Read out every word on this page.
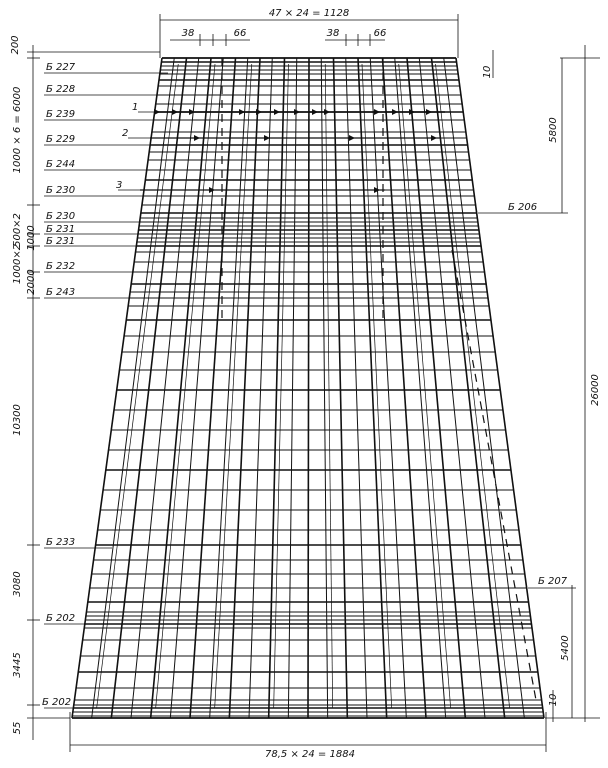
47 × 24 = 1128
38	66	38	66
78,5 × 24 = 1884
200
1000 × 6 = 6000
500×2 1000
1000×2 2000
10300
3080
3445
55
10
5800
26000
5400
10
Б 227
Б 228
Б 239
Б 229
Б 244
Б 230
Б 230
Б 231
Б 231
Б 232
Б 243
Б 233
Б 202
Б 202
Б 206
Б 207
1
2
3
